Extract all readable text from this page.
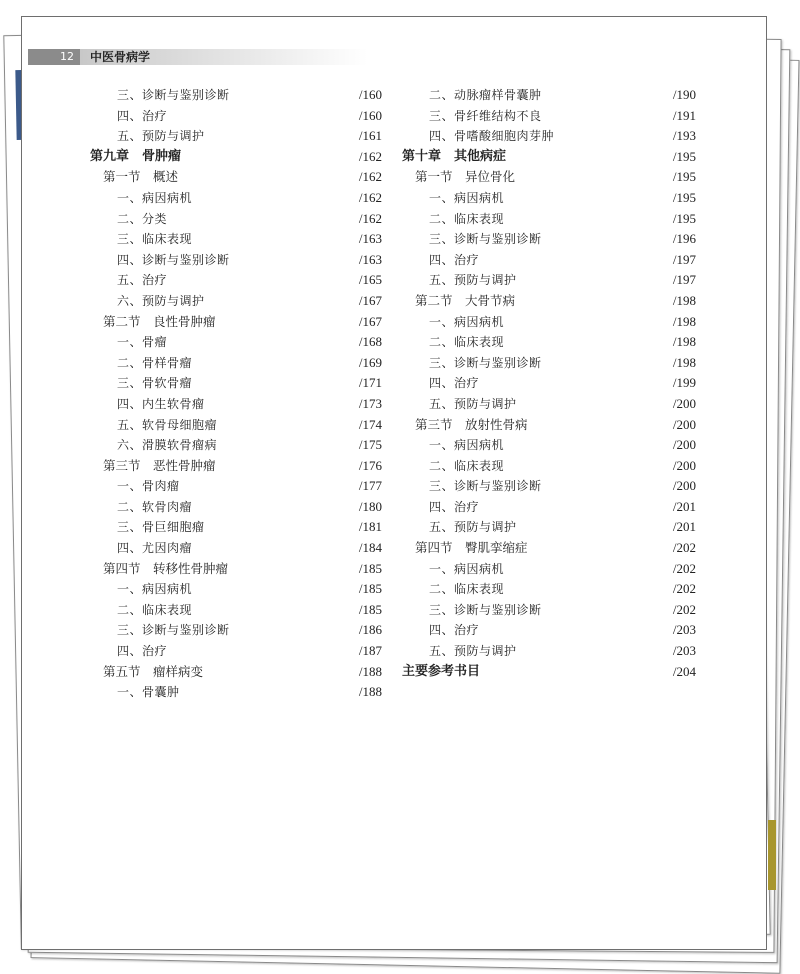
12	中医骨病学
三、诊断与鉴别诊断	/160
四、治疗	/160
五、预防与调护	/161
第九章　骨肿瘤	/162
第一节　概述	/162
一、病因病机	/162
二、分类	/162
三、临床表现	/163
四、诊断与鉴别诊断	/163
五、治疗	/165
六、预防与调护	/167
第二节　良性骨肿瘤	/167
一、骨瘤	/168
二、骨样骨瘤	/169
三、骨软骨瘤	/171
四、内生软骨瘤	/173
五、软骨母细胞瘤	/174
六、滑膜软骨瘤病	/175
第三节　恶性骨肿瘤	/176
一、骨肉瘤	/177
二、软骨肉瘤	/180
三、骨巨细胞瘤	/181
四、尤因肉瘤	/184
第四节　转移性骨肿瘤	/185
一、病因病机	/185
二、临床表现	/185
三、诊断与鉴别诊断	/186
四、治疗	/187
第五节　瘤样病变	/188
一、骨囊肿	/188
二、动脉瘤样骨囊肿	/190
三、骨纤维结构不良	/191
四、骨嗜酸细胞肉芽肿	/193
第十章　其他病症	/195
第一节　异位骨化	/195
一、病因病机	/195
二、临床表现	/195
三、诊断与鉴别诊断	/196
四、治疗	/197
五、预防与调护	/197
第二节　大骨节病	/198
一、病因病机	/198
二、临床表现	/198
三、诊断与鉴别诊断	/198
四、治疗	/199
五、预防与调护	/200
第三节　放射性骨病	/200
一、病因病机	/200
二、临床表现	/200
三、诊断与鉴别诊断	/200
四、治疗	/201
五、预防与调护	/201
第四节　臀肌挛缩症	/202
一、病因病机	/202
二、临床表现	/202
三、诊断与鉴别诊断	/202
四、治疗	/203
五、预防与调护	/203
主要参考书目	/204
